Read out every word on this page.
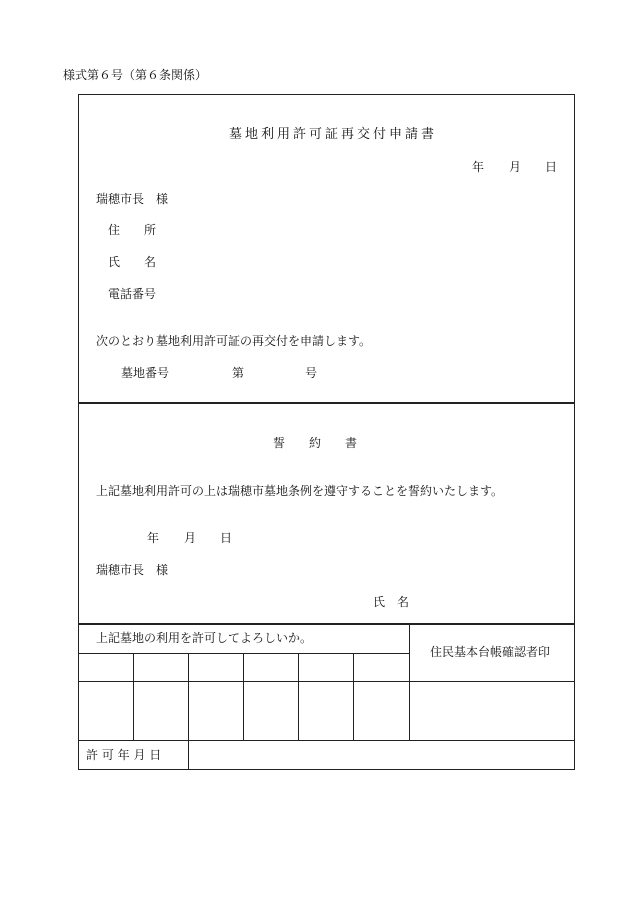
様式第６号（第６条関係）
墓地利用許可証再交付申請書
年 月 日
瑞穂市長　様
住　　所
氏　　名
電話番号
次のとおり墓地利用許可証の再交付を申請します。
墓地番号	第	号
誓　　約　　書
上記墓地利用許可の上は瑞穂市墓地条例を遵守することを誓約いたします。
年 月 日
瑞穂市長　様
氏　名
上記墓地の利用を許可してよろしいか。
住民基本台帳確認者印
許 可 年 月 日
